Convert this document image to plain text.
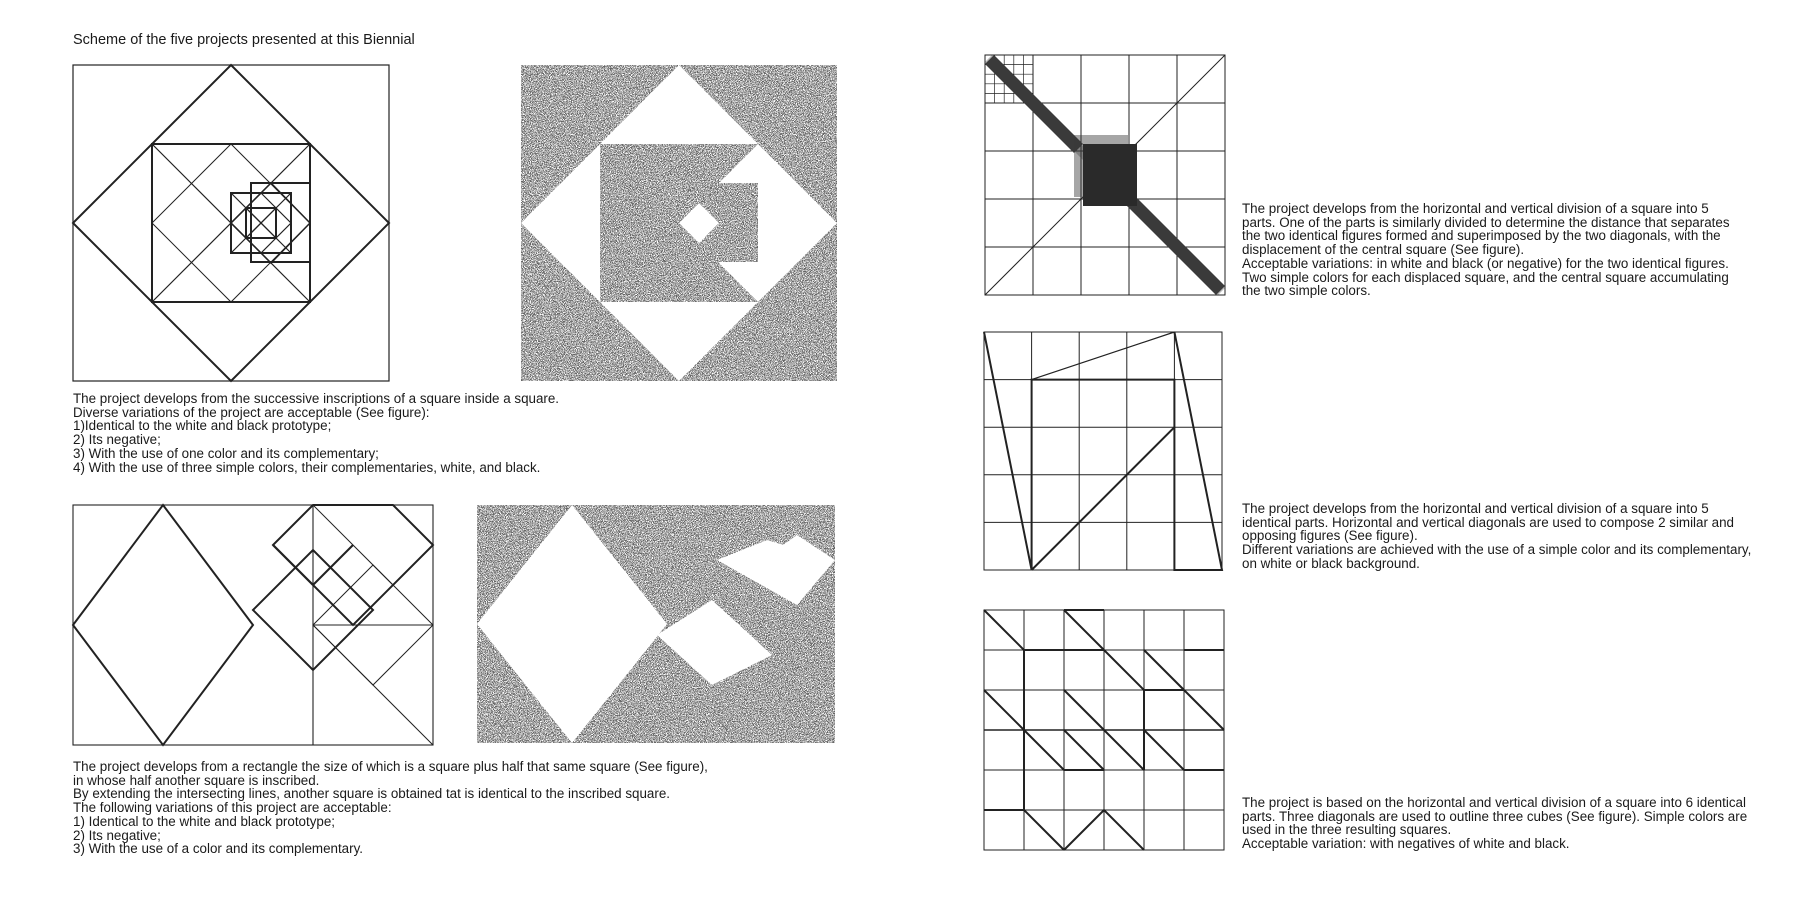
Scheme of the five projects presented at this Biennial
The project develops from the successive inscriptions of a square inside a square.
Diverse variations of the project are acceptable (See figure):
1)Identical to the white and black prototype;
2) Its negative;
3) With the use of one color and its complementary;
4) With the use of three simple colors, their complementaries, white, and black.
The project develops from a rectangle the size of which is a square plus half that same square (See figure),
in whose half another square is inscribed.
By extending the intersecting lines, another square is obtained tat is identical to the inscribed square.
The following variations of this project are acceptable:
1) Identical to the white and black prototype;
2) Its negative;
3) With the use of a color and its complementary.
The project develops from the horizontal and vertical division of a square into 5
parts. One of the parts is similarly divided to determine the distance that separates
the two identical figures formed and superimposed by the two diagonals, with the
displacement of the central square (See figure).
Acceptable variations: in white and black (or negative) for the two identical figures.
Two simple colors for each displaced square, and the central square accumulating
the two simple colors.
The project develops from the horizontal and vertical division of a square into 5
identical parts. Horizontal and vertical diagonals are used to compose 2 similar and
opposing figures (See figure).
Different variations are achieved with the use of a simple color and its complementary,
on white or black background.
The project is based on the horizontal and vertical division of a square into 6 identical
parts. Three diagonals are used to outline three cubes (See figure). Simple colors are
used in the three resulting squares.
Acceptable variation: with negatives of white and black.
